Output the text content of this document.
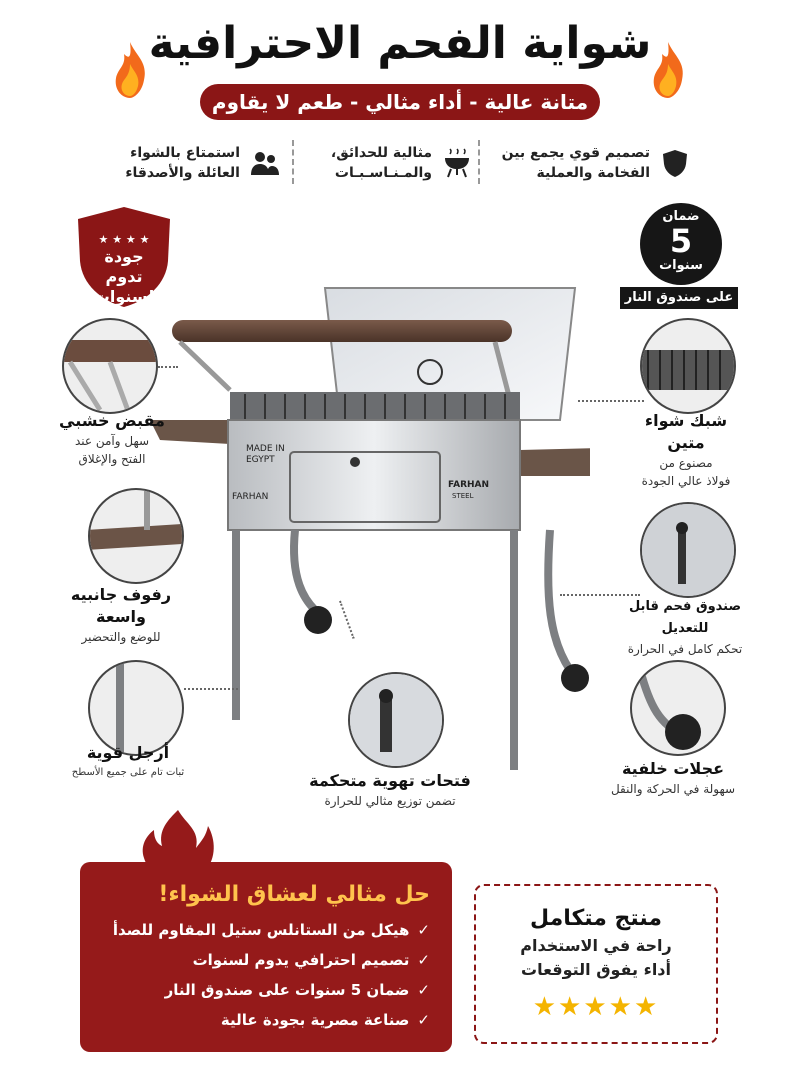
شواية الفحم الاحترافية
متانة عالية - أداء مثالي - طعم لا يقاوم
تصميم قوي يجمع بين
الفخامة والعملية
مثالية للحدائق،
والمـنـاسـبـات
استمتاع بالشواء
العائلة والأصدقاء
★ ★ ★ ★
جودة
تدوم
لسنوات
ضمان
5
سنوات
على صندوق النار
MADE IN EGYPT
FARHAN
FARHAN
STEEL
مقبض خشبي
سهل وآمن عند
الفتح والإغلاق
رفوف جانبيه واسعة
للوضع والتحضير
أرجل قوية
ثبات تام على جميع الأسطح
شبك شواء متين
مصنوع من
فولاذ عالي الجودة
صندوق فحم قابل للتعديل
تحكم كامل في الحرارة
عجلات خلفية
سهولة في الحركة والنقل
فتحات تهوية متحكمة
تضمن توزيع مثالي للحرارة
حل مثالي لعشاق الشواء!
✓
هيكل من الستانلس ستيل المقاوم للصدأ
✓
تصميم احترافي يدوم لسنوات
✓
ضمان 5 سنوات على صندوق النار
✓
صناعة مصرية بجودة عالية
منتج متكامل
راحة في الاستخدام
أداء يفوق التوقعات
★★★★★
